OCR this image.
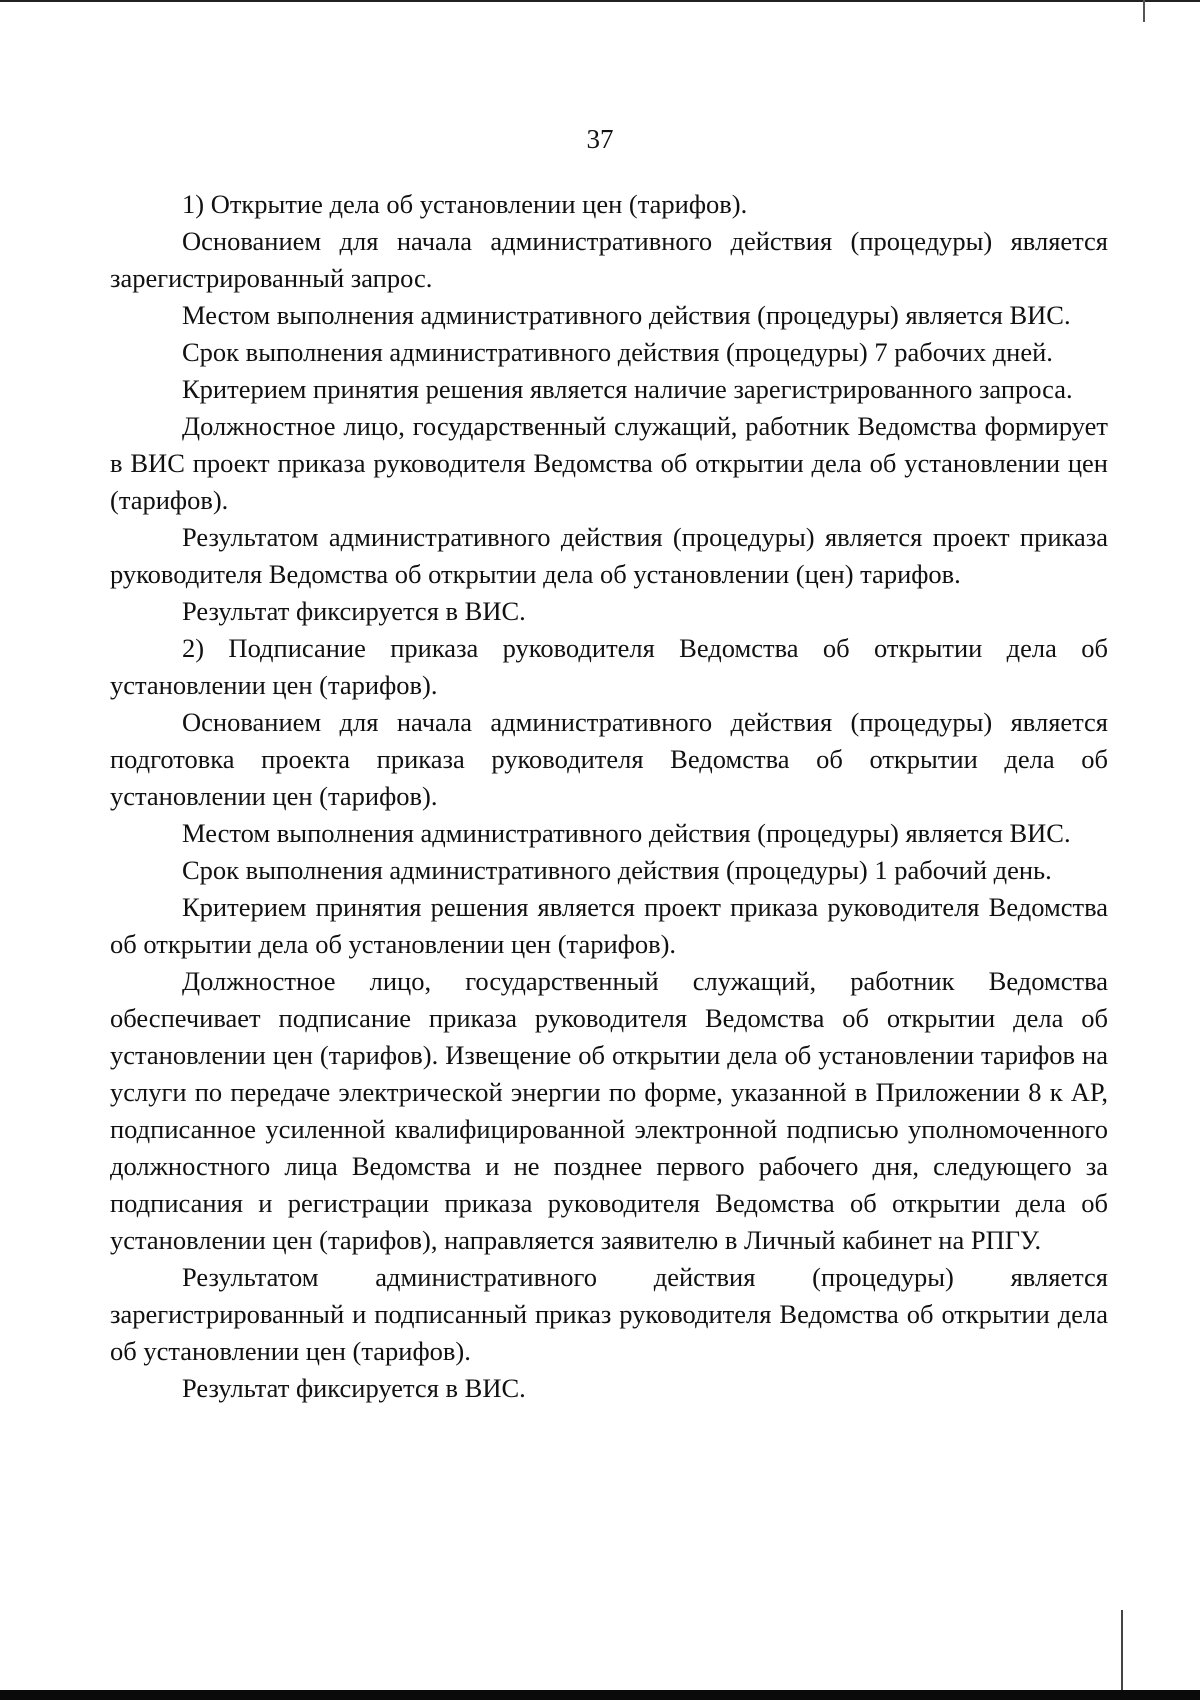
37

1) Открытие дела об установлении цен (тарифов).

Основанием для начала административного действия (процедуры) является зарегистрированный запрос.

Местом выполнения административного действия (процедуры) является ВИС.

Срок выполнения административного действия (процедуры) 7 рабочих дней.

Критерием принятия решения является наличие зарегистрированного запроса.

Должностное лицо, государственный служащий, работник Ведомства формирует в ВИС проект приказа руководителя Ведомства об открытии дела об установлении цен (тарифов).

Результатом административного действия (процедуры) является проект приказа руководителя Ведомства об открытии дела об установлении (цен) тарифов.

Результат фиксируется в ВИС.

2) Подписание приказа руководителя Ведомства об открытии дела об установлении цен (тарифов).

Основанием для начала административного действия (процедуры) является подготовка проекта приказа руководителя Ведомства об открытии дела об установлении цен (тарифов).

Местом выполнения административного действия (процедуры) является ВИС.

Срок выполнения административного действия (процедуры) 1 рабочий день.

Критерием принятия решения является проект приказа руководителя Ведомства об открытии дела об установлении цен (тарифов).

Должностное лицо, государственный служащий, работник Ведомства обеспечивает подписание приказа руководителя Ведомства об открытии дела об установлении цен (тарифов). Извещение об открытии дела об установлении тарифов на услуги по передаче электрической энергии по форме, указанной в Приложении 8 к АР, подписанное усиленной квалифицированной электронной подписью уполномоченного должностного лица Ведомства и не позднее первого рабочего дня, следующего за подписания и регистрации приказа руководителя Ведомства об открытии дела об установлении цен (тарифов), направляется заявителю в Личный кабинет на РПГУ.

Результатом административного действия (процедуры) является зарегистрированный и подписанный приказ руководителя Ведомства об открытии дела об установлении цен (тарифов).

Результат фиксируется в ВИС.
